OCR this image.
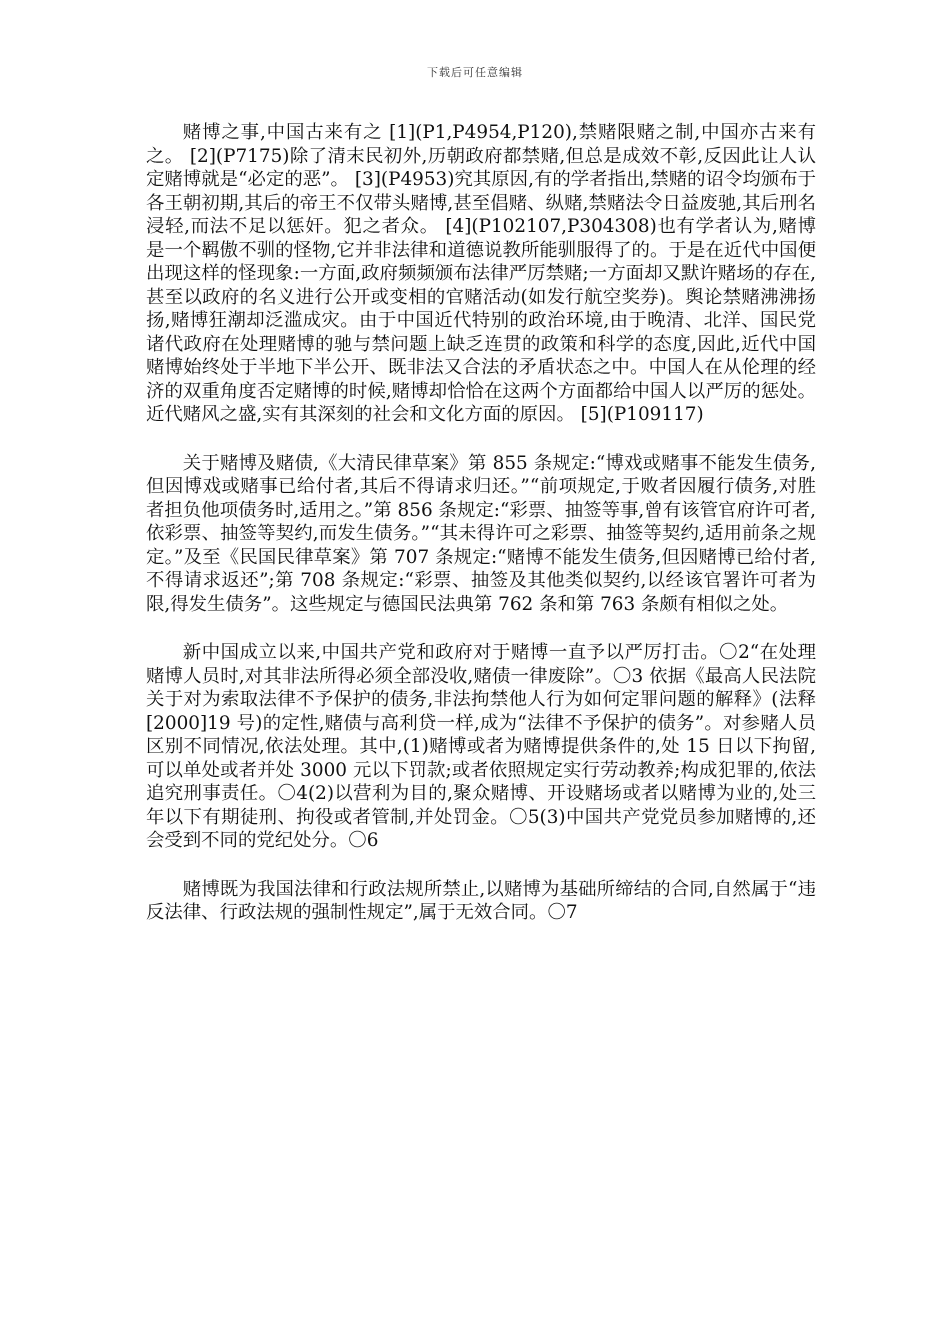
下载后可任意编辑

赌博之事,中国古来有之 [1](P1,P4954,P120),禁赌限赌之制,中国亦古来有之。 [2](P7175)除了清末民初外,历朝政府都禁赌,但总是成效不彰,反因此让人认定赌博就是“必定的恶”。 [3](P4953)究其原因,有的学者指出,禁赌的诏令均颁布于各王朝初期,其后的帝王不仅带头赌博,甚至倡赌、纵赌,禁赌法令日益废驰,其后刑名浸轻,而法不足以惩奸。犯之者众。 [4](P102107,P304308)也有学者认为,赌博是一个羁傲不驯的怪物,它并非法律和道德说教所能驯服得了的。于是在近代中国便出现这样的怪现象:一方面,政府频频颁布法律严厉禁赌;一方面却又默许赌场的存在,甚至以政府的名义进行公开或变相的官赌活动(如发行航空奖券)。舆论禁赌沸沸扬扬,赌博狂潮却泛滥成灾。由于中国近代特别的政治环境,由于晚清、北洋、国民党诸代政府在处理赌博的驰与禁问题上缺乏连贯的政策和科学的态度,因此,近代中国赌博始终处于半地下半公开、既非法又合法的矛盾状态之中。中国人在从伦理的经济的双重角度否定赌博的时候,赌博却恰恰在这两个方面都给中国人以严厉的惩处。近代赌风之盛,实有其深刻的社会和文化方面的原因。 [5](P109117)

关于赌博及赌债,《大清民律草案》第 855 条规定:“博戏或赌事不能发生债务,但因博戏或赌事已给付者,其后不得请求归还。”“前项规定,于败者因履行债务,对胜者担负他项债务时,适用之。”第 856 条规定:“彩票、抽签等事,曾有该管官府许可者,依彩票、抽签等契约,而发生债务。”“其未得许可之彩票、抽签等契约,适用前条之规定。”及至《民国民律草案》第 707 条规定:“赌博不能发生债务,但因赌博已给付者,不得请求返还”;第 708 条规定:“彩票、抽签及其他类似契约,以经该官署许可者为限,得发生债务”。这些规定与德国民法典第 762 条和第 763 条颇有相似之处。

新中国成立以来,中国共产党和政府对于赌博一直予以严厉打击。〇2“在处理赌博人员时,对其非法所得必须全部没收,赌债一律废除”。〇3 依据《最高人民法院关于对为索取法律不予保护的债务,非法拘禁他人行为如何定罪问题的解释》(法释[2000]19 号)的定性,赌债与高利贷一样,成为“法律不予保护的债务”。对参赌人员区别不同情况,依法处理。其中,(1)赌博或者为赌博提供条件的,处 15 日以下拘留,可以单处或者并处 3000 元以下罚款;或者依照规定实行劳动教养;构成犯罪的,依法追究刑事责任。〇4(2)以营利为目的,聚众赌博、开设赌场或者以赌博为业的,处三年以下有期徒刑、拘役或者管制,并处罚金。〇5(3)中国共产党党员参加赌博的,还会受到不同的党纪处分。〇6

赌博既为我国法律和行政法规所禁止,以赌博为基础所缔结的合同,自然属于“违反法律、行政法规的强制性规定”,属于无效合同。〇7
